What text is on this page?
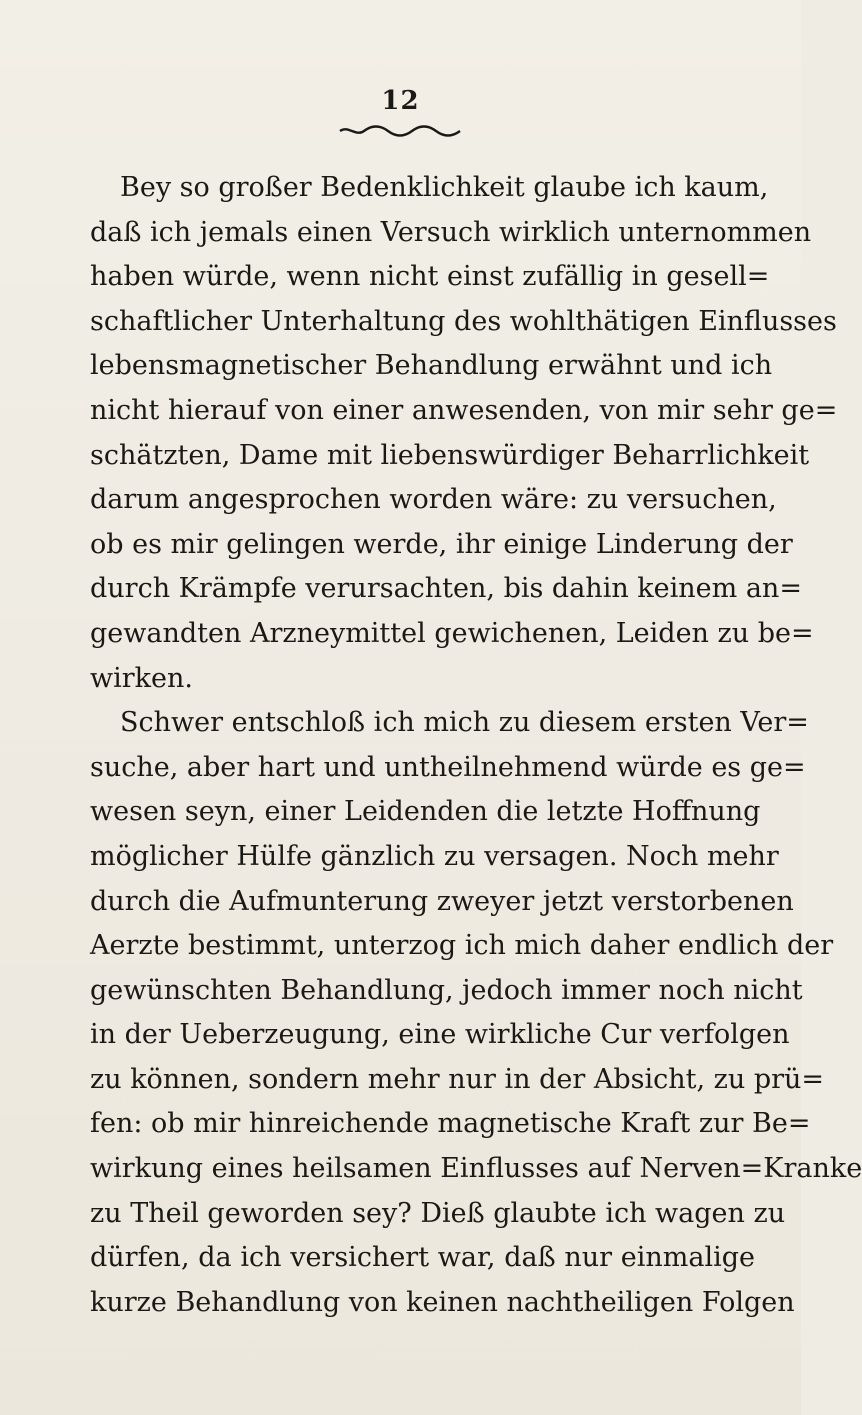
12
Bey so großer Bedenklichkeit glaube ich kaum,
daß ich jemals einen Versuch wirklich unternommen
haben würde, wenn nicht einst zufällig in gesell=
schaftlicher Unterhaltung des wohlthätigen Einflusses
lebensmagnetischer Behandlung erwähnt und ich
nicht hierauf von einer anwesenden, von mir sehr ge=
schätzten, Dame mit liebenswürdiger Beharrlichkeit
darum angesprochen worden wäre: zu versuchen,
ob es mir gelingen werde, ihr einige Linderung der
durch Krämpfe verursachten, bis dahin keinem an=
gewandten Arzneymittel gewichenen, Leiden zu be=
wirken.
Schwer entschloß ich mich zu diesem ersten Ver=
suche, aber hart und untheilnehmend würde es ge=
wesen seyn, einer Leidenden die letzte Hoffnung
möglicher Hülfe gänzlich zu versagen. Noch mehr
durch die Aufmunterung zweyer jetzt verstorbenen
Aerzte bestimmt, unterzog ich mich daher endlich der
gewünschten Behandlung, jedoch immer noch nicht
in der Ueberzeugung, eine wirkliche Cur verfolgen
zu können, sondern mehr nur in der Absicht, zu prü=
fen: ob mir hinreichende magnetische Kraft zur Be=
wirkung eines heilsamen Einflusses auf Nerven=Kranke
zu Theil geworden sey? Dieß glaubte ich wagen zu
dürfen, da ich versichert war, daß nur einmalige
kurze Behandlung von keinen nachtheiligen Folgen
